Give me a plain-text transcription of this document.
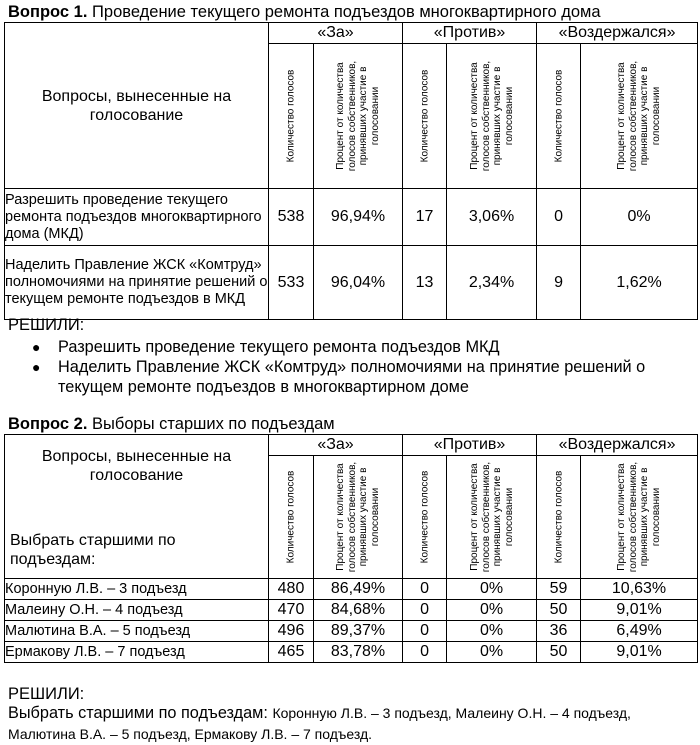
Вопрос 1. Проведение текущего ремонта подъездов многоквартирного дома
Вопросы, вынесенные на голосование	«За»		«Против»		«Воздержался»	

	Количество голосов	Процент от количества голосов собственников, принявших участие в голосовании	Количество голосов	Процент от количества голосов собственников, принявших участие в голосовании	Количество голосов	Процент от количества голосов собственников, принявших участие в голосовании

Разрешить проведение текущего ремонта подъездов многоквартирного дома (МКД)	538	96,94%	17	3,06%	0	0%
Наделить Правление ЖСК «Комтруд» полномочиями на принятие решений о текущем ремонте подъездов в МКД	533	96,04%	13	2,34%	9	1,62%
РЕШИЛИ:
● Разрешить проведение текущего ремонта подъездов МКД
● Наделить Правление ЖСК «Комтруд» полномочиями на принятие решений о текущем ремонте подъездов в многоквартирном доме
Вопрос 2. Выборы старших по подъездам
Вопросы, вынесенные на голосование
Выбрать старшими по подъездам:	«За»		«Против»		«Воздержался»	

	Количество голосов	Процент от количества голосов собственников, принявших участие в голосовании	Количество голосов	Процент от количества голосов собственников, принявших участие в голосовании	Количество голосов	Процент от количества голосов собственников, принявших участие в голосовании

Коронную Л.В. – 3 подъезд	480	86,49%	0	0%	59	10,63%
Малеину О.Н. – 4 подъезд	470	84,68%	0	0%	50	9,01%
Малютина В.А. – 5 подъезд	496	89,37%	0	0%	36	6,49%
Ермакову Л.В. – 7 подъезд	465	83,78%	0	0%	50	9,01%
РЕШИЛИ:
Выбрать старшими по подъездам: Коронную Л.В. – 3 подъезд, Малеину О.Н. – 4 подъезд, Малютина В.А. – 5 подъезд, Ермакову Л.В. – 7 подъезд.
